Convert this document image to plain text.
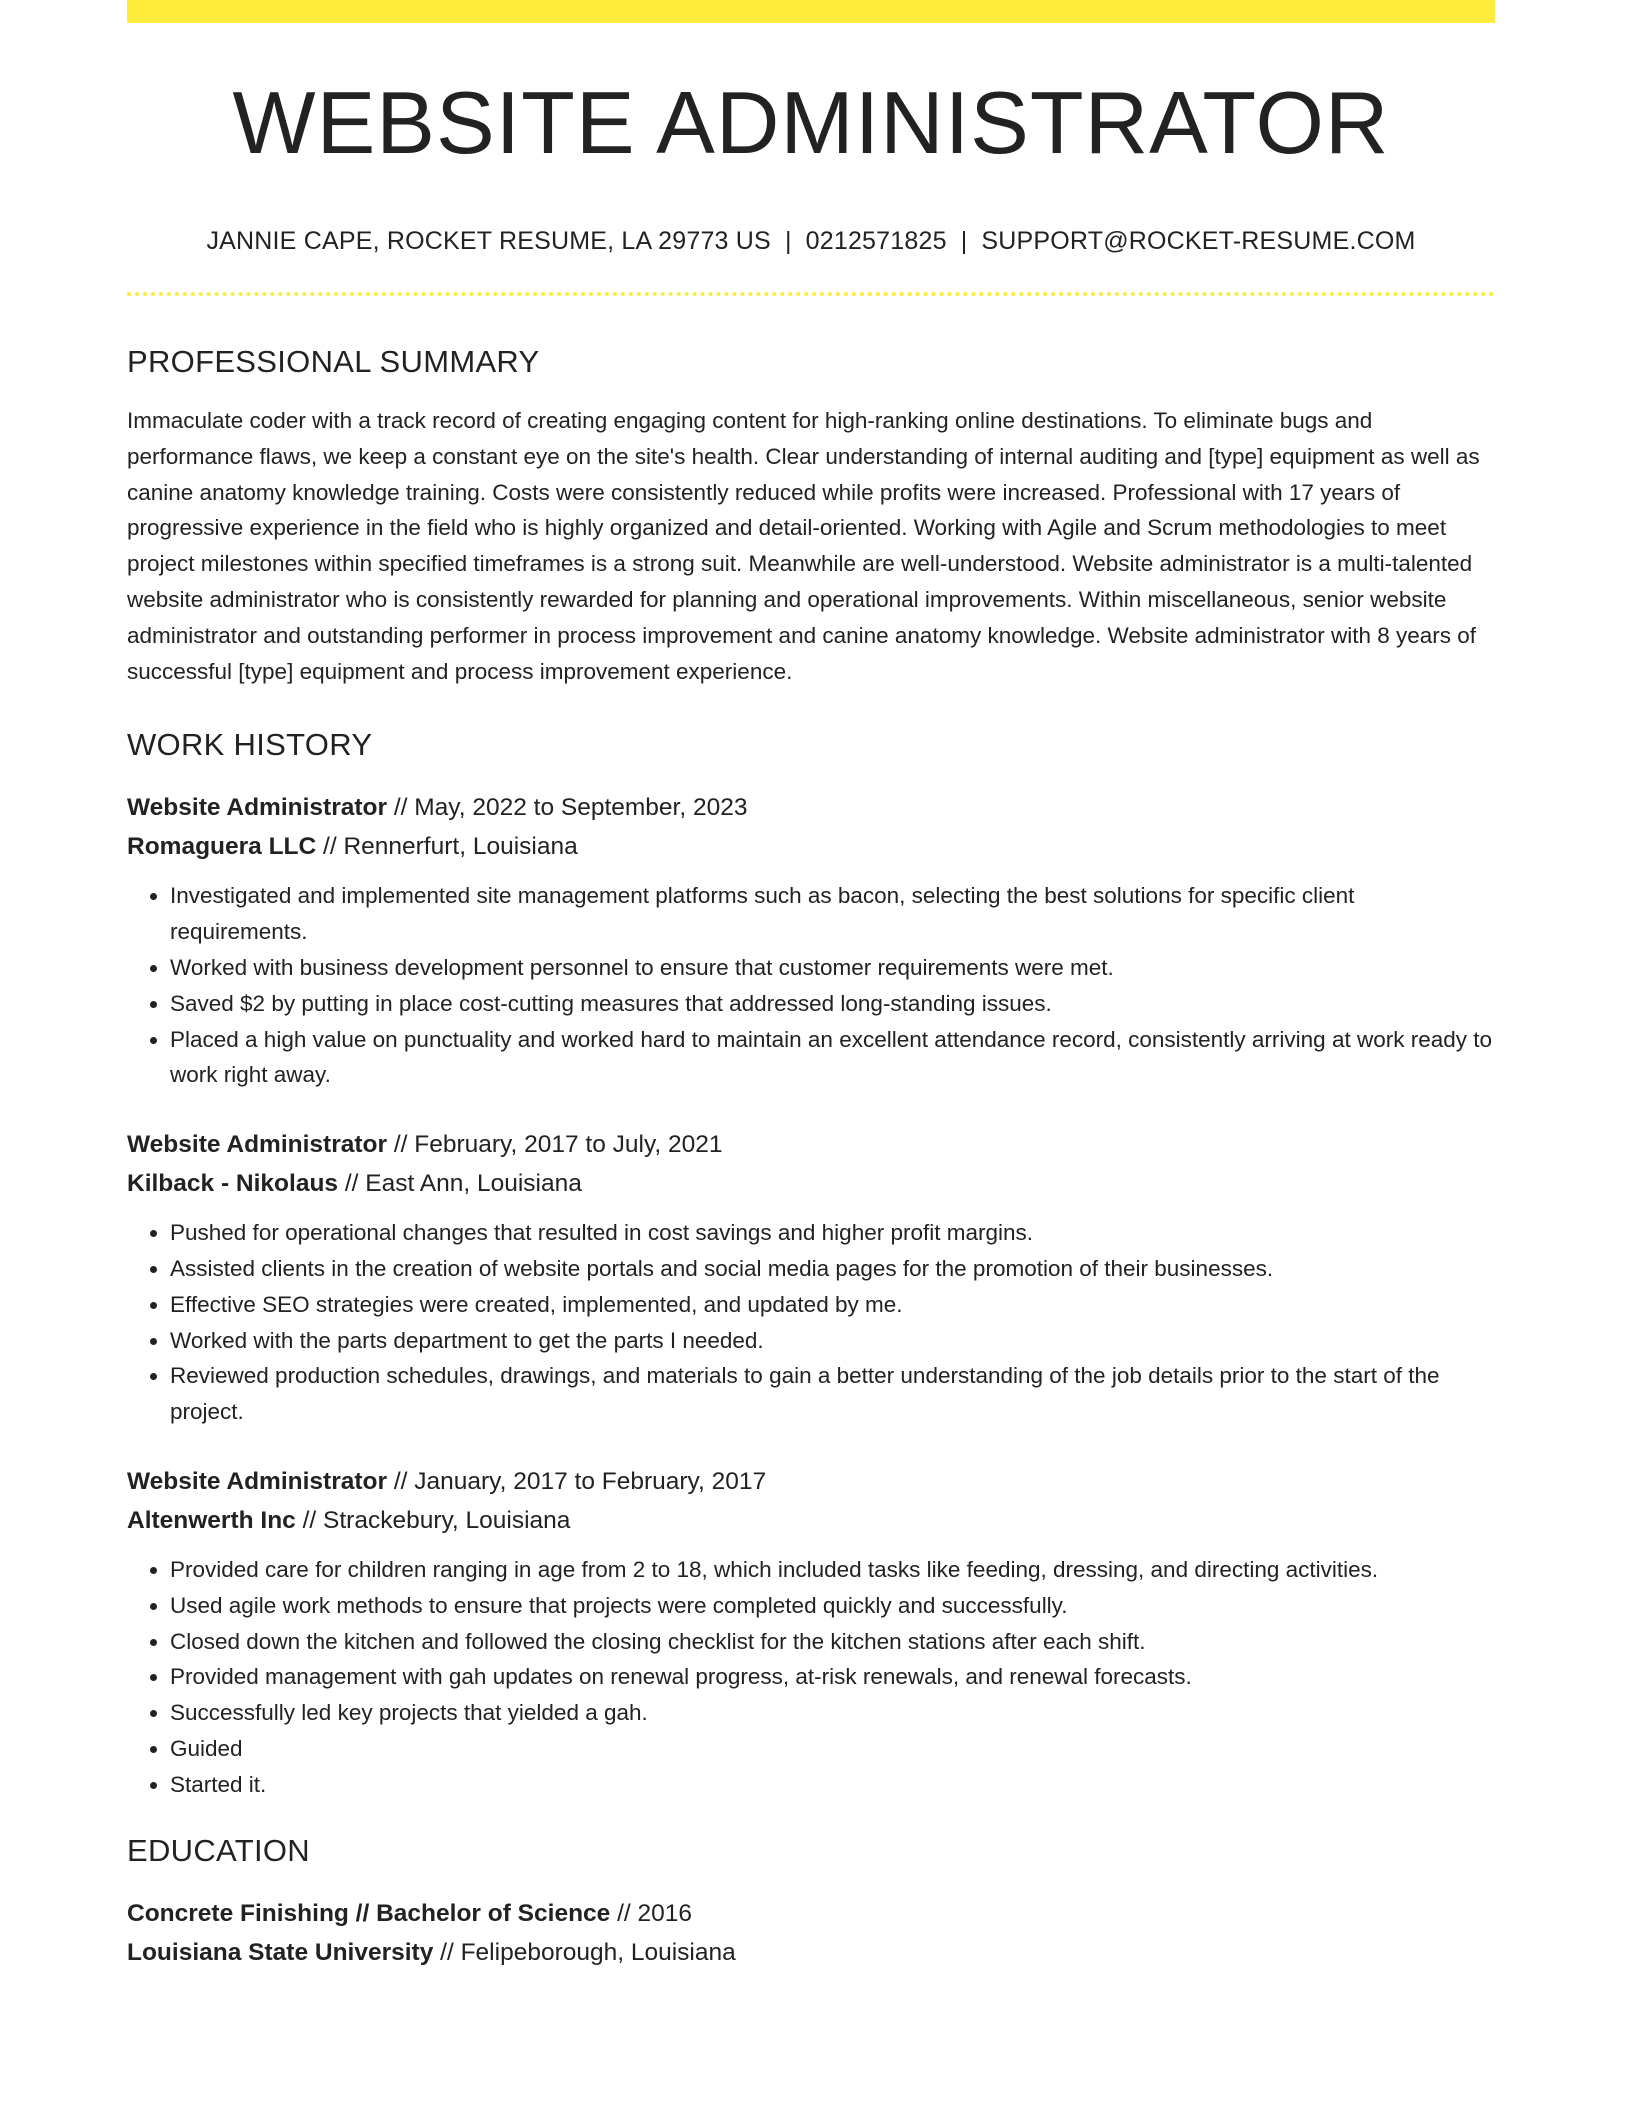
WEBSITE ADMINISTRATOR
JANNIE CAPE, ROCKET RESUME, LA 29773 US | 0212571825 | SUPPORT@ROCKET-RESUME.COM
PROFESSIONAL SUMMARY

Immaculate coder with a track record of creating engaging content for high-ranking online destinations. To eliminate bugs and performance flaws, we keep a constant eye on the site's health. Clear understanding of internal auditing and [type] equipment as well as canine anatomy knowledge training. Costs were consistently reduced while profits were increased. Professional with 17 years of progressive experience in the field who is highly organized and detail-oriented. Working with Agile and Scrum methodologies to meet project milestones within specified timeframes is a strong suit. Meanwhile are well-understood. Website administrator is a multi-talented website administrator who is consistently rewarded for planning and operational improvements. Within miscellaneous, senior website administrator and outstanding performer in process improvement and canine anatomy knowledge. Website administrator with 8 years of successful [type] equipment and process improvement experience.

WORK HISTORY
Website Administrator // May, 2022 to September, 2023
Romaguera LLC // Rennerfurt, Louisiana
• Investigated and implemented site management platforms such as bacon, selecting the best solutions for specific client requirements.
• Worked with business development personnel to ensure that customer requirements were met.
• Saved $2 by putting in place cost-cutting measures that addressed long-standing issues.
• Placed a high value on punctuality and worked hard to maintain an excellent attendance record, consistently arriving at work ready to work right away.
Website Administrator // February, 2017 to July, 2021
Kilback - Nikolaus // East Ann, Louisiana
• Pushed for operational changes that resulted in cost savings and higher profit margins.
• Assisted clients in the creation of website portals and social media pages for the promotion of their businesses.
• Effective SEO strategies were created, implemented, and updated by me.
• Worked with the parts department to get the parts I needed.
• Reviewed production schedules, drawings, and materials to gain a better understanding of the job details prior to the start of the project.
Website Administrator // January, 2017 to February, 2017
Altenwerth Inc // Strackebury, Louisiana
• Provided care for children ranging in age from 2 to 18, which included tasks like feeding, dressing, and directing activities.
• Used agile work methods to ensure that projects were completed quickly and successfully.
• Closed down the kitchen and followed the closing checklist for the kitchen stations after each shift.
• Provided management with gah updates on renewal progress, at-risk renewals, and renewal forecasts.
• Successfully led key projects that yielded a gah.
• Guided
• Started it.
EDUCATION
Concrete Finishing // Bachelor of Science // 2016
Louisiana State University // Felipeborough, Louisiana
